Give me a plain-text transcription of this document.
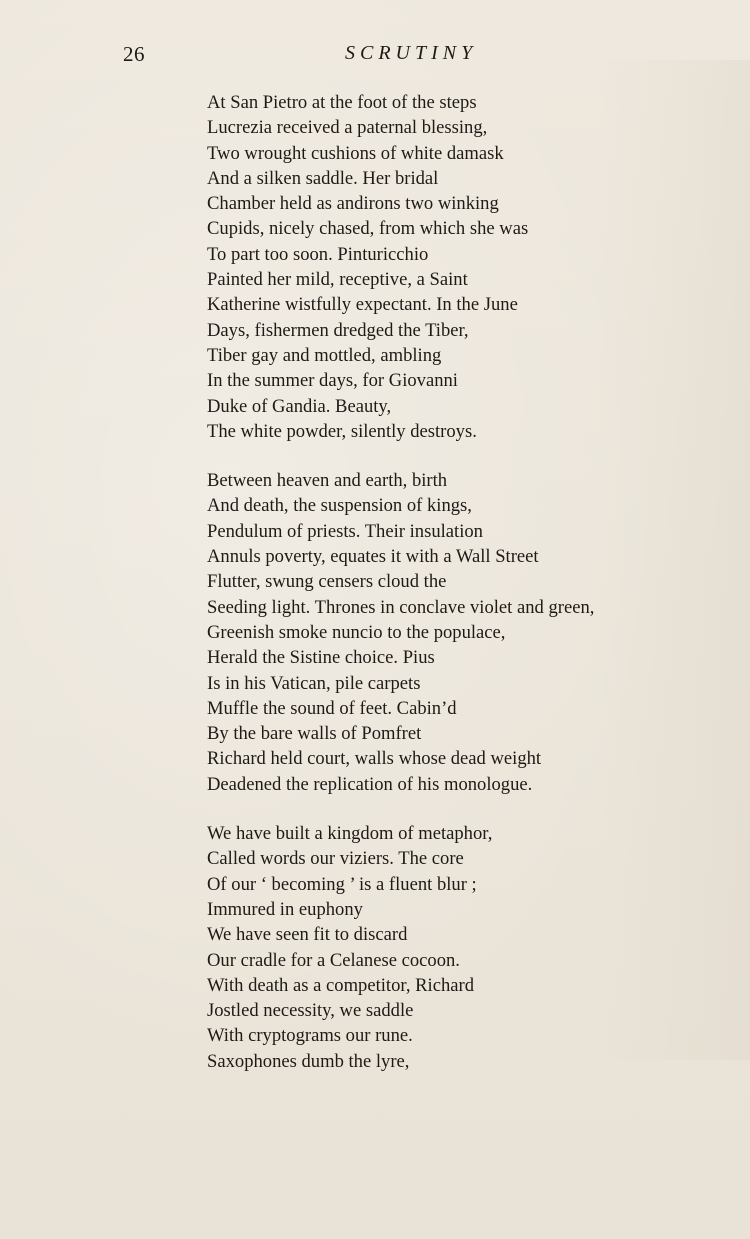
26	SCRUTINY
At San Pietro at the foot of the steps
Lucrezia received a paternal blessing,
Two wrought cushions of white damask
And a silken saddle. Her bridal
Chamber held as andirons two winking
Cupids, nicely chased, from which she was
To part too soon. Pinturicchio
Painted her mild, receptive, a Saint
Katherine wistfully expectant. In the June
Days, fishermen dredged the Tiber,
Tiber gay and mottled, ambling
In the summer days, for Giovanni
Duke of Gandia. Beauty,
The white powder, silently destroys.
Between heaven and earth, birth
And death, the suspension of kings,
Pendulum of priests. Their insulation
Annuls poverty, equates it with a Wall Street
Flutter, swung censers cloud the
Seeding light. Thrones in conclave violet and green,
Greenish smoke nuncio to the populace,
Herald the Sistine choice. Pius
Is in his Vatican, pile carpets
Muffle the sound of feet. Cabin’d
By the bare walls of Pomfret
Richard held court, walls whose dead weight
Deadened the replication of his monologue.
We have built a kingdom of metaphor,
Called words our viziers. The core
Of our ‘ becoming ’ is a fluent blur ;
Immured in euphony
We have seen fit to discard
Our cradle for a Celanese cocoon.
With death as a competitor, Richard
Jostled necessity, we saddle
With cryptograms our rune.
Saxophones dumb the lyre,
